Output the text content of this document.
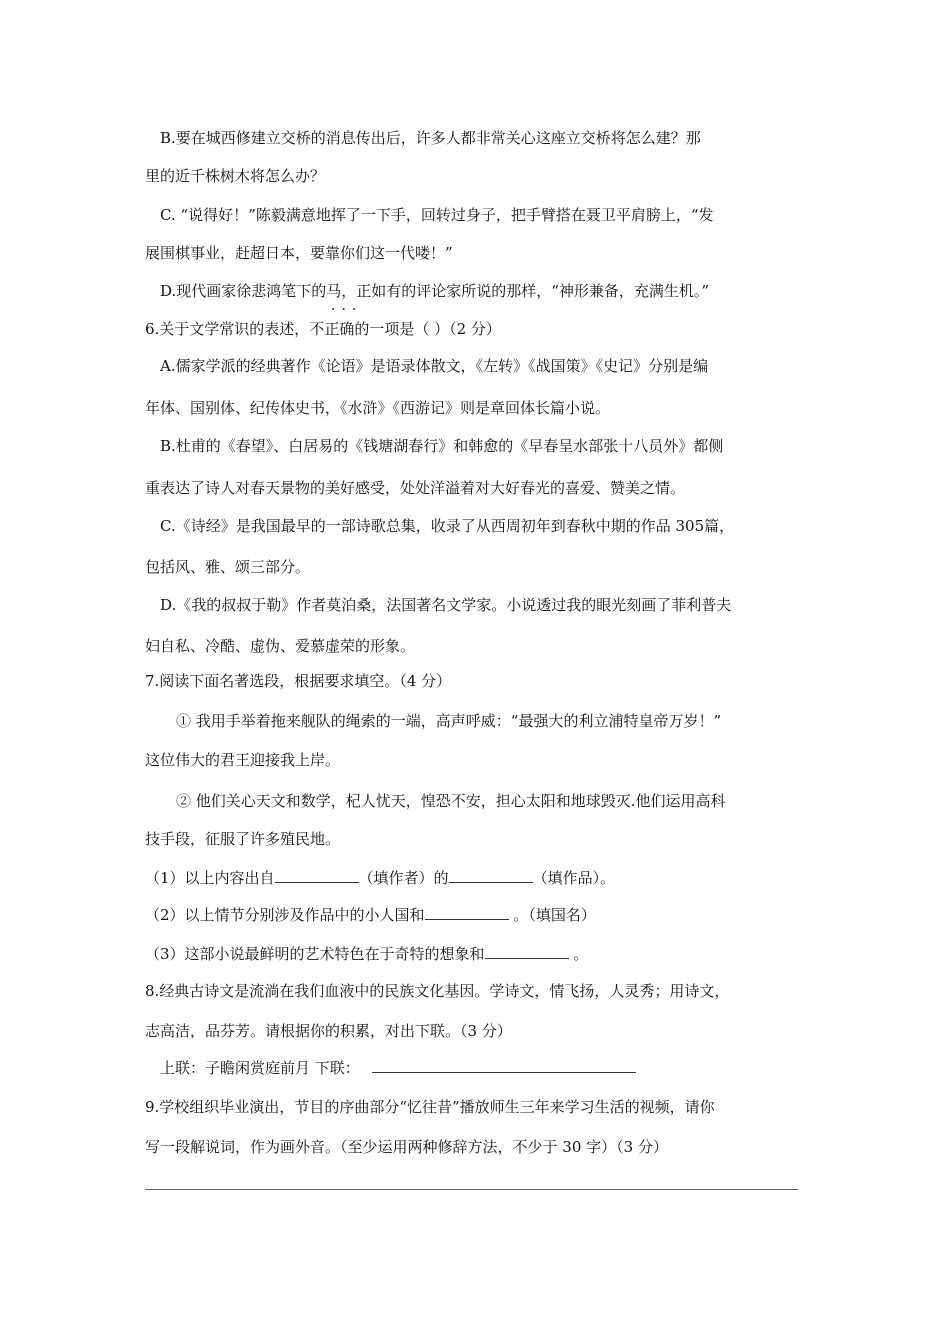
B.要在城西修建立交桥的消息传出后，许多人都非常关心这座立交桥将怎么建？那
里的近千株树木将怎么办？
C. “说得好！”陈毅满意地挥了一下手，回转过身子，把手臂搭在聂卫平肩膀上，“发
展围棋事业，赶超日本，要靠你们这一代喽！”
D.现代画家徐悲鸿笔下的马，正如有的评论家所说的那样，“神形兼备，充满生机。”
···
6.关于文学常识的表述，不正确的一项是（ ）（2 分）
A.儒家学派的经典著作《论语》是语录体散文，《左转》《战国策》《史记》分别是编
年体、国别体、纪传体史书，《水浒》《西游记》则是章回体长篇小说。
B.杜甫的《春望》、白居易的《钱塘湖春行》和韩愈的《早春呈水部张十八员外》都侧
重表达了诗人对春天景物的美好感受，处处洋溢着对大好春光的喜爱、赞美之情。
C.《诗经》是我国最早的一部诗歌总集，收录了从西周初年到春秋中期的作品 305篇，
包括风、雅、颂三部分。
D.《我的叔叔于勒》作者莫泊桑，法国著名文学家。小说透过我的眼光刻画了菲利普夫
妇自私、冷酷、虚伪、爱慕虚荣的形象。
7.阅读下面名著选段，根据要求填空。（4 分）
① 我用手举着拖来舰队的绳索的一端，高声呼威：“最强大的利立浦特皇帝万岁！”
这位伟大的君王迎接我上岸。
② 他们关心天文和数学，杞人忧天，惶恐不安，担心太阳和地球毁灭.他们运用高科
技手段，征服了许多殖民地。
（1）以上内容出自	（填作者）的	（填作品）。
（2）以上情节分别涉及作品中的小人国和	。（填国名）
（3）这部小说最鲜明的艺术特色在于奇特的想象和	。
8.经典古诗文是流淌在我们血液中的民族文化基因。学诗文，情飞扬，人灵秀；用诗文，
志高洁，品芬芳。请根据你的积累，对出下联。（3 分）
上联：子瞻闲赏庭前月 下联：
9.学校组织毕业演出，节目的序曲部分“忆往昔”播放师生三年来学习生活的视频，请你
写一段解说词，作为画外音。（至少运用两种修辞方法，不少于 30 字）（3 分）
